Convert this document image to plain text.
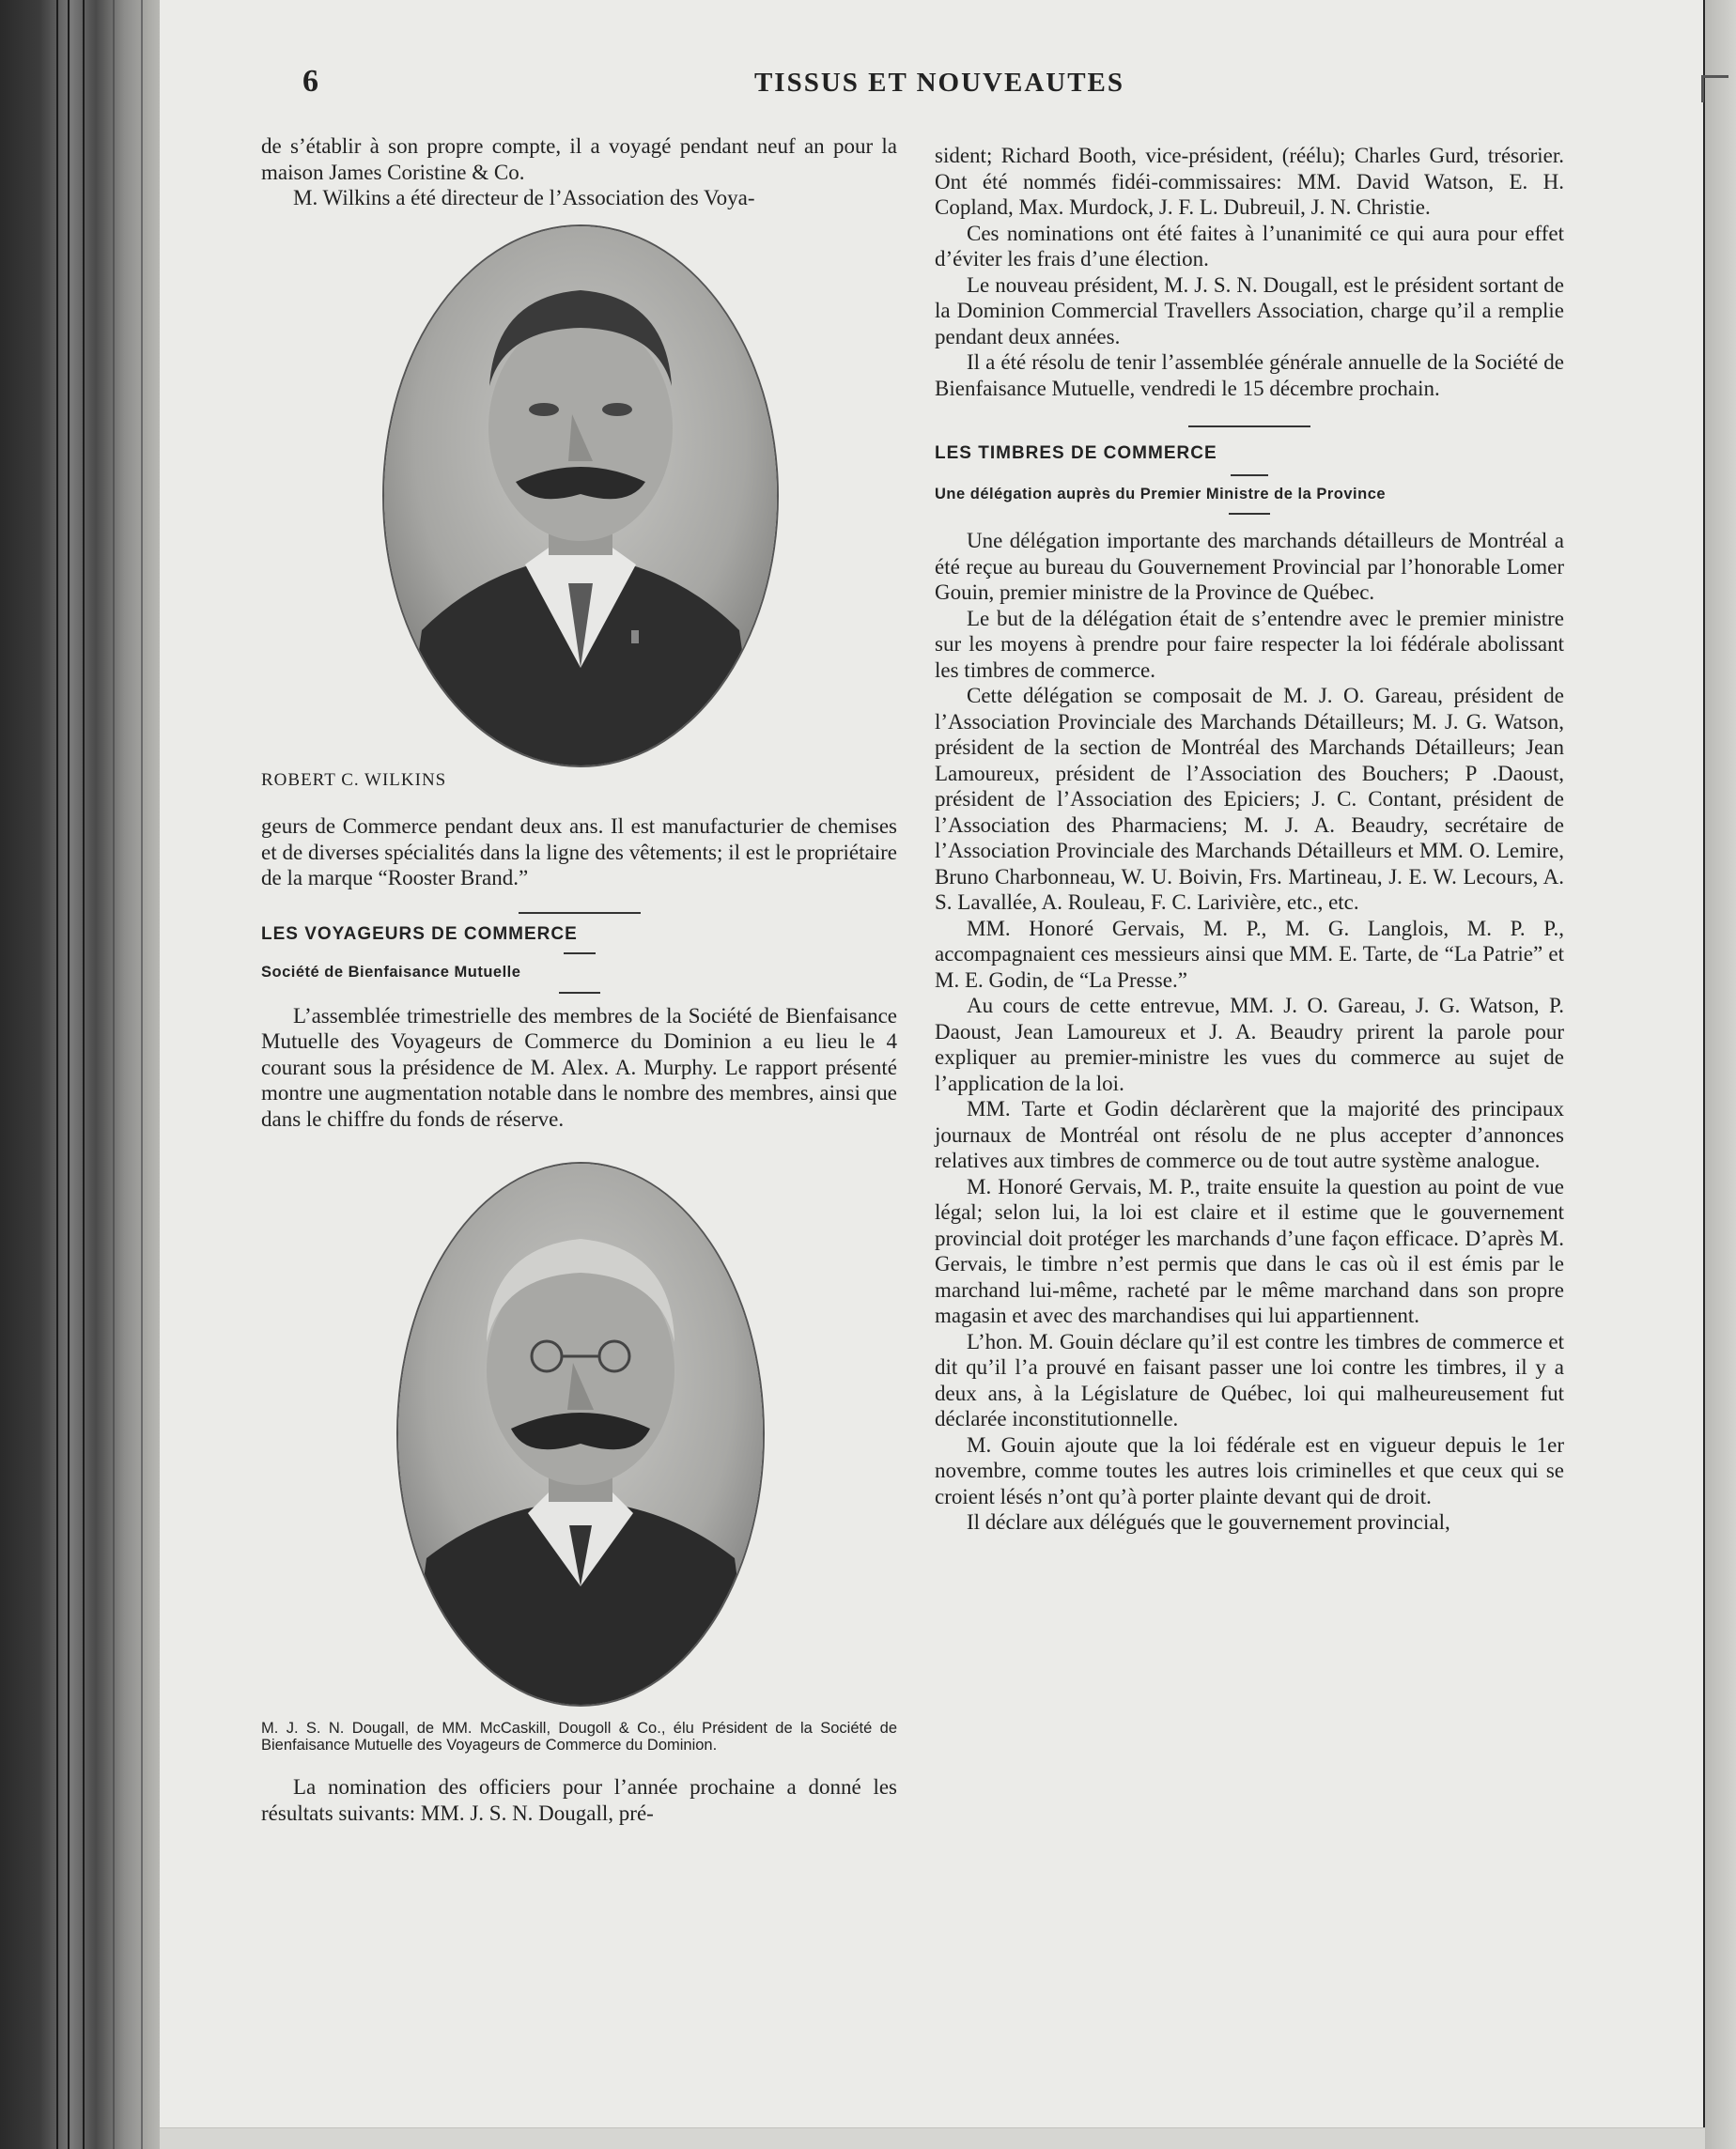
6	TISSUS ET NOUVEAUTES

de s’établir à son propre compte, il a voyagé pendant neuf an pour la maison James Coristine & Co.

M. Wilkins a été directeur de l’Association des Voya-

ROBERT C. WILKINS

geurs de Commerce pendant deux ans. Il est manufacturier de chemises et de diverses spécialités dans la ligne des vêtements; il est le propriétaire de la marque “Rooster Brand.”

LES VOYAGEURS DE COMMERCE

Société de Bienfaisance Mutuelle

L’assemblée trimestrielle des membres de la Société de Bienfaisance Mutuelle des Voyageurs de Commerce du Dominion a eu lieu le 4 courant sous la présidence de M. Alex. A. Murphy. Le rapport présenté montre une augmentation notable dans le nombre des membres, ainsi que dans le chiffre du fonds de réserve.

M. J. S. N. Dougall, de MM. McCaskill, Dougoll & Co., élu Président de la Société de Bienfaisance Mutuelle des Voyageurs de Commerce du Dominion.

La nomination des officiers pour l’année prochaine a donné les résultats suivants: MM. J. S. N. Dougall, pré-

sident; Richard Booth, vice-président, (réélu); Charles Gurd, trésorier. Ont été nommés fidéi-commissaires: MM. David Watson, E. H. Copland, Max. Murdock, J. F. L. Dubreuil, J. N. Christie.

Ces nominations ont été faites à l’unanimité ce qui aura pour effet d’éviter les frais d’une élection.

Le nouveau président, M. J. S. N. Dougall, est le président sortant de la Dominion Commercial Travellers Association, charge qu’il a remplie pendant deux années.

Il a été résolu de tenir l’assemblée générale annuelle de la Société de Bienfaisance Mutuelle, vendredi le 15 décembre prochain.

LES TIMBRES DE COMMERCE

Une délégation auprès du Premier Ministre de la Province

Une délégation importante des marchands détailleurs de Montréal a été reçue au bureau du Gouvernement Provincial par l’honorable Lomer Gouin, premier ministre de la Province de Québec.

Le but de la délégation était de s’entendre avec le premier ministre sur les moyens à prendre pour faire respecter la loi fédérale abolissant les timbres de commerce.

Cette délégation se composait de M. J. O. Gareau, président de l’Association Provinciale des Marchands Détailleurs; M. J. G. Watson, président de la section de Montréal des Marchands Détailleurs; Jean Lamoureux, président de l’Association des Bouchers; P .Daoust, président de l’Association des Epiciers; J. C. Contant, président de l’Association des Pharmaciens; M. J. A. Beaudry, secrétaire de l’Association Provinciale des Marchands Détailleurs et MM. O. Lemire, Bruno Charbonneau, W. U. Boivin, Frs. Martineau, J. E. W. Lecours, A. S. Lavallée, A. Rouleau, F. C. Larivière, etc., etc.

MM. Honoré Gervais, M. P., M. G. Langlois, M. P. P., accompagnaient ces messieurs ainsi que MM. E. Tarte, de “La Patrie” et M. E. Godin, de “La Presse.”

Au cours de cette entrevue, MM. J. O. Gareau, J. G. Watson, P. Daoust, Jean Lamoureux et J. A. Beaudry prirent la parole pour expliquer au premier-ministre les vues du commerce au sujet de l’application de la loi.

MM. Tarte et Godin déclarèrent que la majorité des principaux journaux de Montréal ont résolu de ne plus accepter d’annonces relatives aux timbres de commerce ou de tout autre système analogue.

M. Honoré Gervais, M. P., traite ensuite la question au point de vue légal; selon lui, la loi est claire et il estime que le gouvernement provincial doit protéger les marchands d’une façon efficace. D’après M. Gervais, le timbre n’est permis que dans le cas où il est émis par le marchand lui-même, racheté par le même marchand dans son propre magasin et avec des marchandises qui lui appartiennent.

L’hon. M. Gouin déclare qu’il est contre les timbres de commerce et dit qu’il l’a prouvé en faisant passer une loi contre les timbres, il y a deux ans, à la Législature de Québec, loi qui malheureusement fut déclarée inconstitutionnelle.

M. Gouin ajoute que la loi fédérale est en vigueur depuis le 1er novembre, comme toutes les autres lois criminelles et que ceux qui se croient lésés n’ont qu’à porter plainte devant qui de droit.

Il déclare aux délégués que le gouvernement provincial,
